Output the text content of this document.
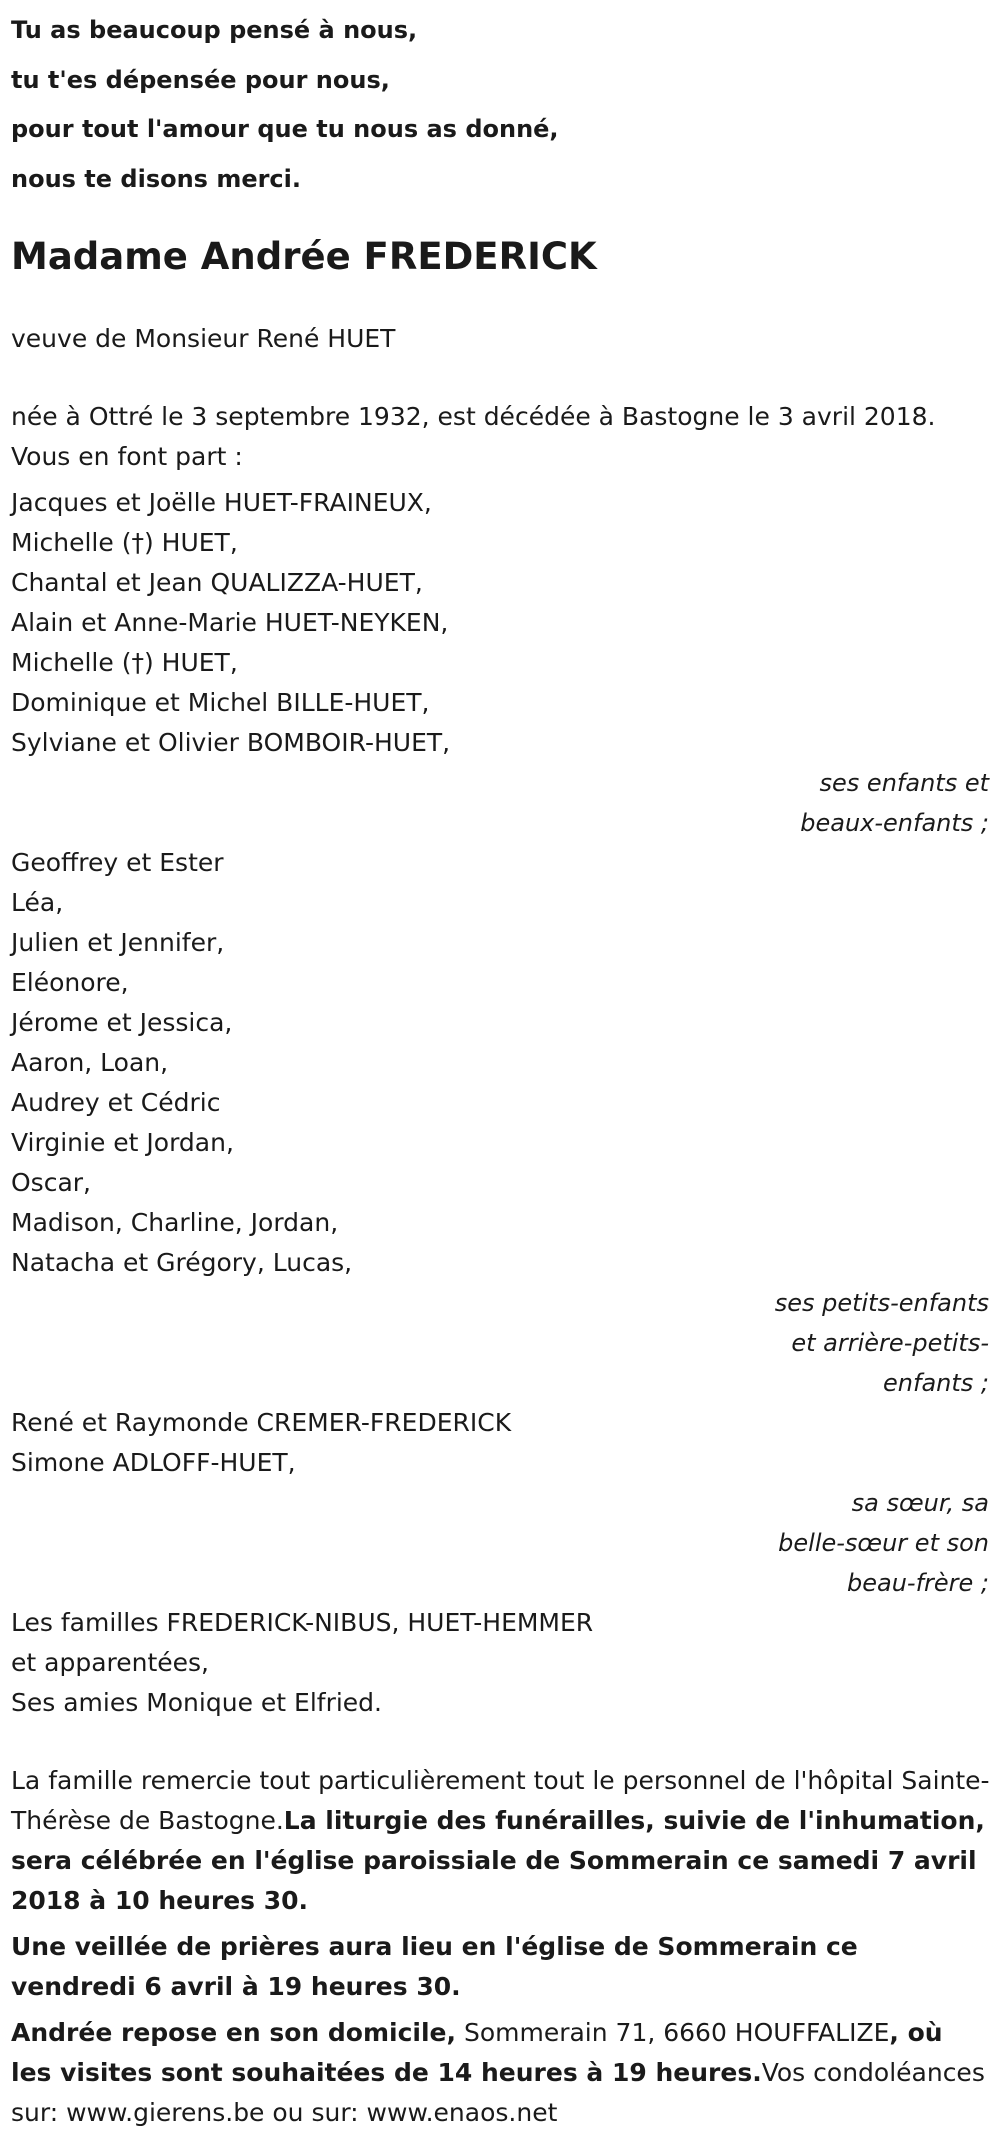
Tu as beaucoup pensé à nous,
tu t'es dépensée pour nous,
pour tout l'amour que tu nous as donné,
nous te disons merci.
Madame Andrée FREDERICK

veuve de Monsieur René HUET

née à Ottré le 3 septembre 1932, est décédée à Bastogne le 3 avril 2018.

Vous en font part :

Jacques et Joëlle HUET-FRAINEUX,
Michelle (†) HUET,
Chantal et Jean QUALIZZA-HUET,
Alain et Anne-Marie HUET-NEYKEN,
Michelle (†) HUET,
Dominique et Michel BILLE-HUET,
Sylviane et Olivier BOMBOIR-HUET,
ses enfants et
beaux-enfants ;
Geoffrey et Ester
Léa,
Julien et Jennifer,
Eléonore,
Jérome et Jessica,
Aaron, Loan,
Audrey et Cédric
Virginie et Jordan,
Oscar,
Madison, Charline, Jordan,
Natacha et Grégory, Lucas,
ses petits-enfants
et arrière-petits-
enfants ;
René et Raymonde CREMER-FREDERICK
Simone ADLOFF-HUET,
sa sœur, sa
belle-sœur et son
beau-frère ;
Les familles FREDERICK-NIBUS, HUET-HEMMER
et apparentées,
Ses amies Monique et Elfried.

La famille remercie tout particulièrement tout le personnel de l'hôpital Sainte-Thérèse de Bastogne.La liturgie des funérailles, suivie de l'inhumation, sera célébrée en l'église paroissiale de Sommerain ce samedi 7 avril 2018 à 10 heures 30.

Une veillée de prières aura lieu en l'église de Sommerain ce vendredi 6 avril à 19 heures 30.

Andrée repose en son domicile, Sommerain 71, 6660 HOUFFALIZE, où les visites sont souhaitées de 14 heures à 19 heures.Vos condoléances sur: www.gierens.be ou sur: www.enaos.net
